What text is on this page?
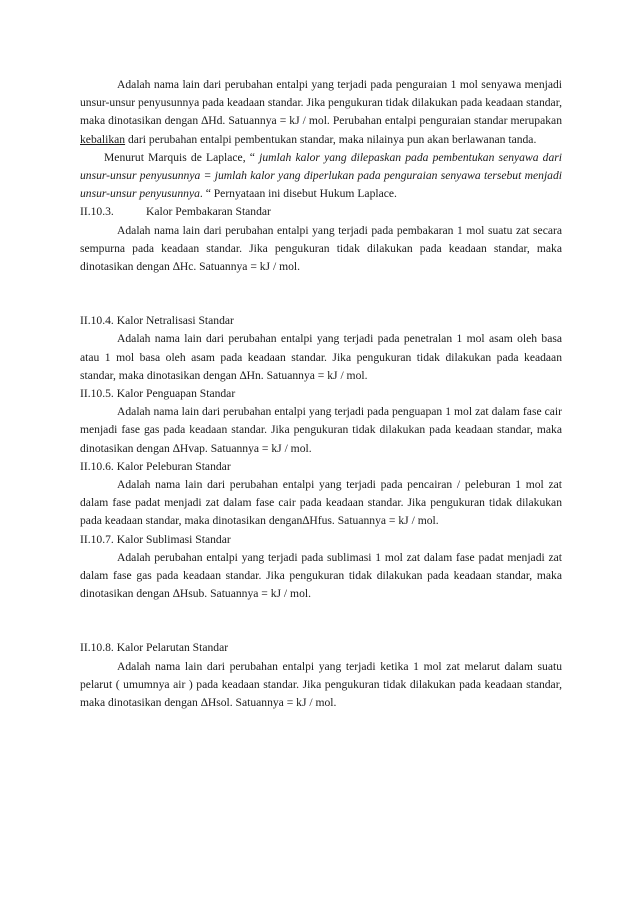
Adalah nama lain dari perubahan entalpi yang terjadi pada penguraian 1 mol senyawa menjadi unsur-unsur penyusunnya pada keadaan standar. Jika pengukuran tidak dilakukan pada keadaan standar, maka dinotasikan dengan ∆Hd. Satuannya = kJ / mol. Perubahan entalpi penguraian standar merupakan kebalikan dari perubahan entalpi pembentukan standar, maka nilainya pun akan berlawanan tanda.

Menurut Marquis de Laplace, “ jumlah kalor yang dilepaskan pada pembentukan senyawa dari unsur-unsur penyusunnya = jumlah kalor yang diperlukan pada penguraian senyawa tersebut menjadi unsur-unsur penyusunnya. “ Pernyataan ini disebut Hukum Laplace.

II.10.3.	Kalor Pembakaran Standar

Adalah nama lain dari perubahan entalpi yang terjadi pada pembakaran 1 mol suatu zat secara sempurna pada keadaan standar. Jika pengukuran tidak dilakukan pada keadaan standar, maka dinotasikan dengan ∆Hc. Satuannya = kJ / mol.

II.10.4. Kalor Netralisasi Standar

Adalah nama lain dari perubahan entalpi yang terjadi pada penetralan 1 mol asam oleh basa atau 1 mol basa oleh asam pada keadaan standar. Jika pengukuran tidak dilakukan pada keadaan standar, maka dinotasikan dengan ∆Hn. Satuannya = kJ / mol.

II.10.5. Kalor Penguapan Standar

Adalah nama lain dari perubahan entalpi yang terjadi pada penguapan 1 mol zat dalam fase cair menjadi fase gas pada keadaan standar. Jika pengukuran tidak dilakukan pada keadaan standar, maka dinotasikan dengan ∆Hvap. Satuannya = kJ / mol.

II.10.6. Kalor Peleburan Standar

Adalah nama lain dari perubahan entalpi yang terjadi pada pencairan / peleburan 1 mol zat dalam fase padat menjadi zat dalam fase cair pada keadaan standar. Jika pengukuran tidak dilakukan pada keadaan standar, maka dinotasikan dengan∆Hfus. Satuannya = kJ / mol.

II.10.7. Kalor Sublimasi Standar

Adalah perubahan entalpi yang terjadi pada sublimasi 1 mol zat dalam fase padat menjadi zat dalam fase gas pada keadaan standar. Jika pengukuran tidak dilakukan pada keadaan standar, maka dinotasikan dengan ∆Hsub. Satuannya = kJ / mol.

II.10.8. Kalor Pelarutan Standar

Adalah nama lain dari perubahan entalpi yang terjadi ketika 1 mol zat melarut dalam suatu pelarut ( umumnya air ) pada keadaan standar. Jika pengukuran tidak dilakukan pada keadaan standar, maka dinotasikan dengan ∆Hsol. Satuannya = kJ / mol.
